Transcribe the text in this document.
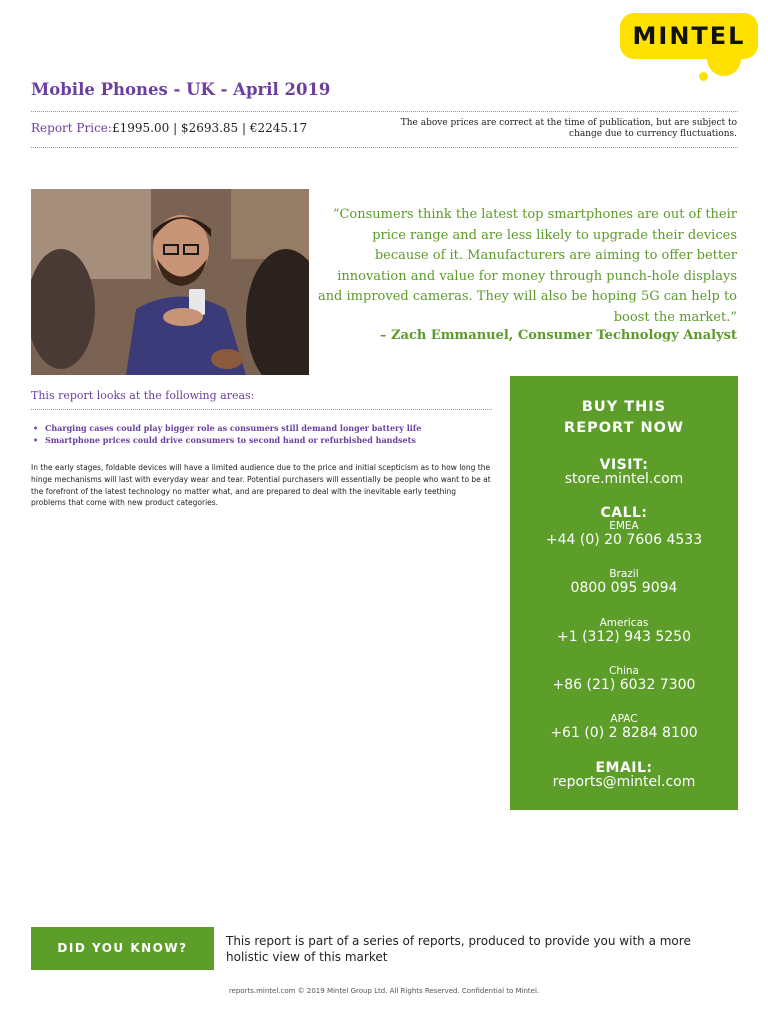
MINTEL
Mobile Phones - UK - April 2019
Report Price: £1995.00 | $2693.85 | €2245.17	The above prices are correct at the time of publication, but are subject to change due to currency fluctuations.
“Consumers think the latest top smartphones are out of their price range and are less likely to upgrade their devices because of it. Manufacturers are aiming to offer better innovation and value for money through punch-hole displays and improved cameras. They will also be hoping 5G can help to boost the market.”
– Zach Emmanuel, Consumer Technology Analyst
This report looks at the following areas:
• Charging cases could play bigger role as consumers still demand longer battery life
• Smartphone prices could drive consumers to second hand or refurbished handsets
In the early stages, foldable devices will have a limited audience due to the price and initial scepticism as to how long the hinge mechanisms will last with everyday wear and tear. Potential purchasers will essentially be people who want to be at the forefront of the latest technology no matter what, and are prepared to deal with the inevitable early teething problems that come with new product categories.
BUY THIS
REPORT NOW
VISIT:
store.mintel.com
CALL:
EMEA
+44 (0) 20 7606 4533
Brazil
0800 095 9094
Americas
+1 (312) 943 5250
China
+86 (21) 6032 7300
APAC
+61 (0) 2 8284 8100
EMAIL:
reports@mintel.com
DID YOU KNOW?	This report is part of a series of reports, produced to provide you with a more holistic view of this market
reports.mintel.com © 2019 Mintel Group Ltd. All Rights Reserved. Confidential to Mintel.
